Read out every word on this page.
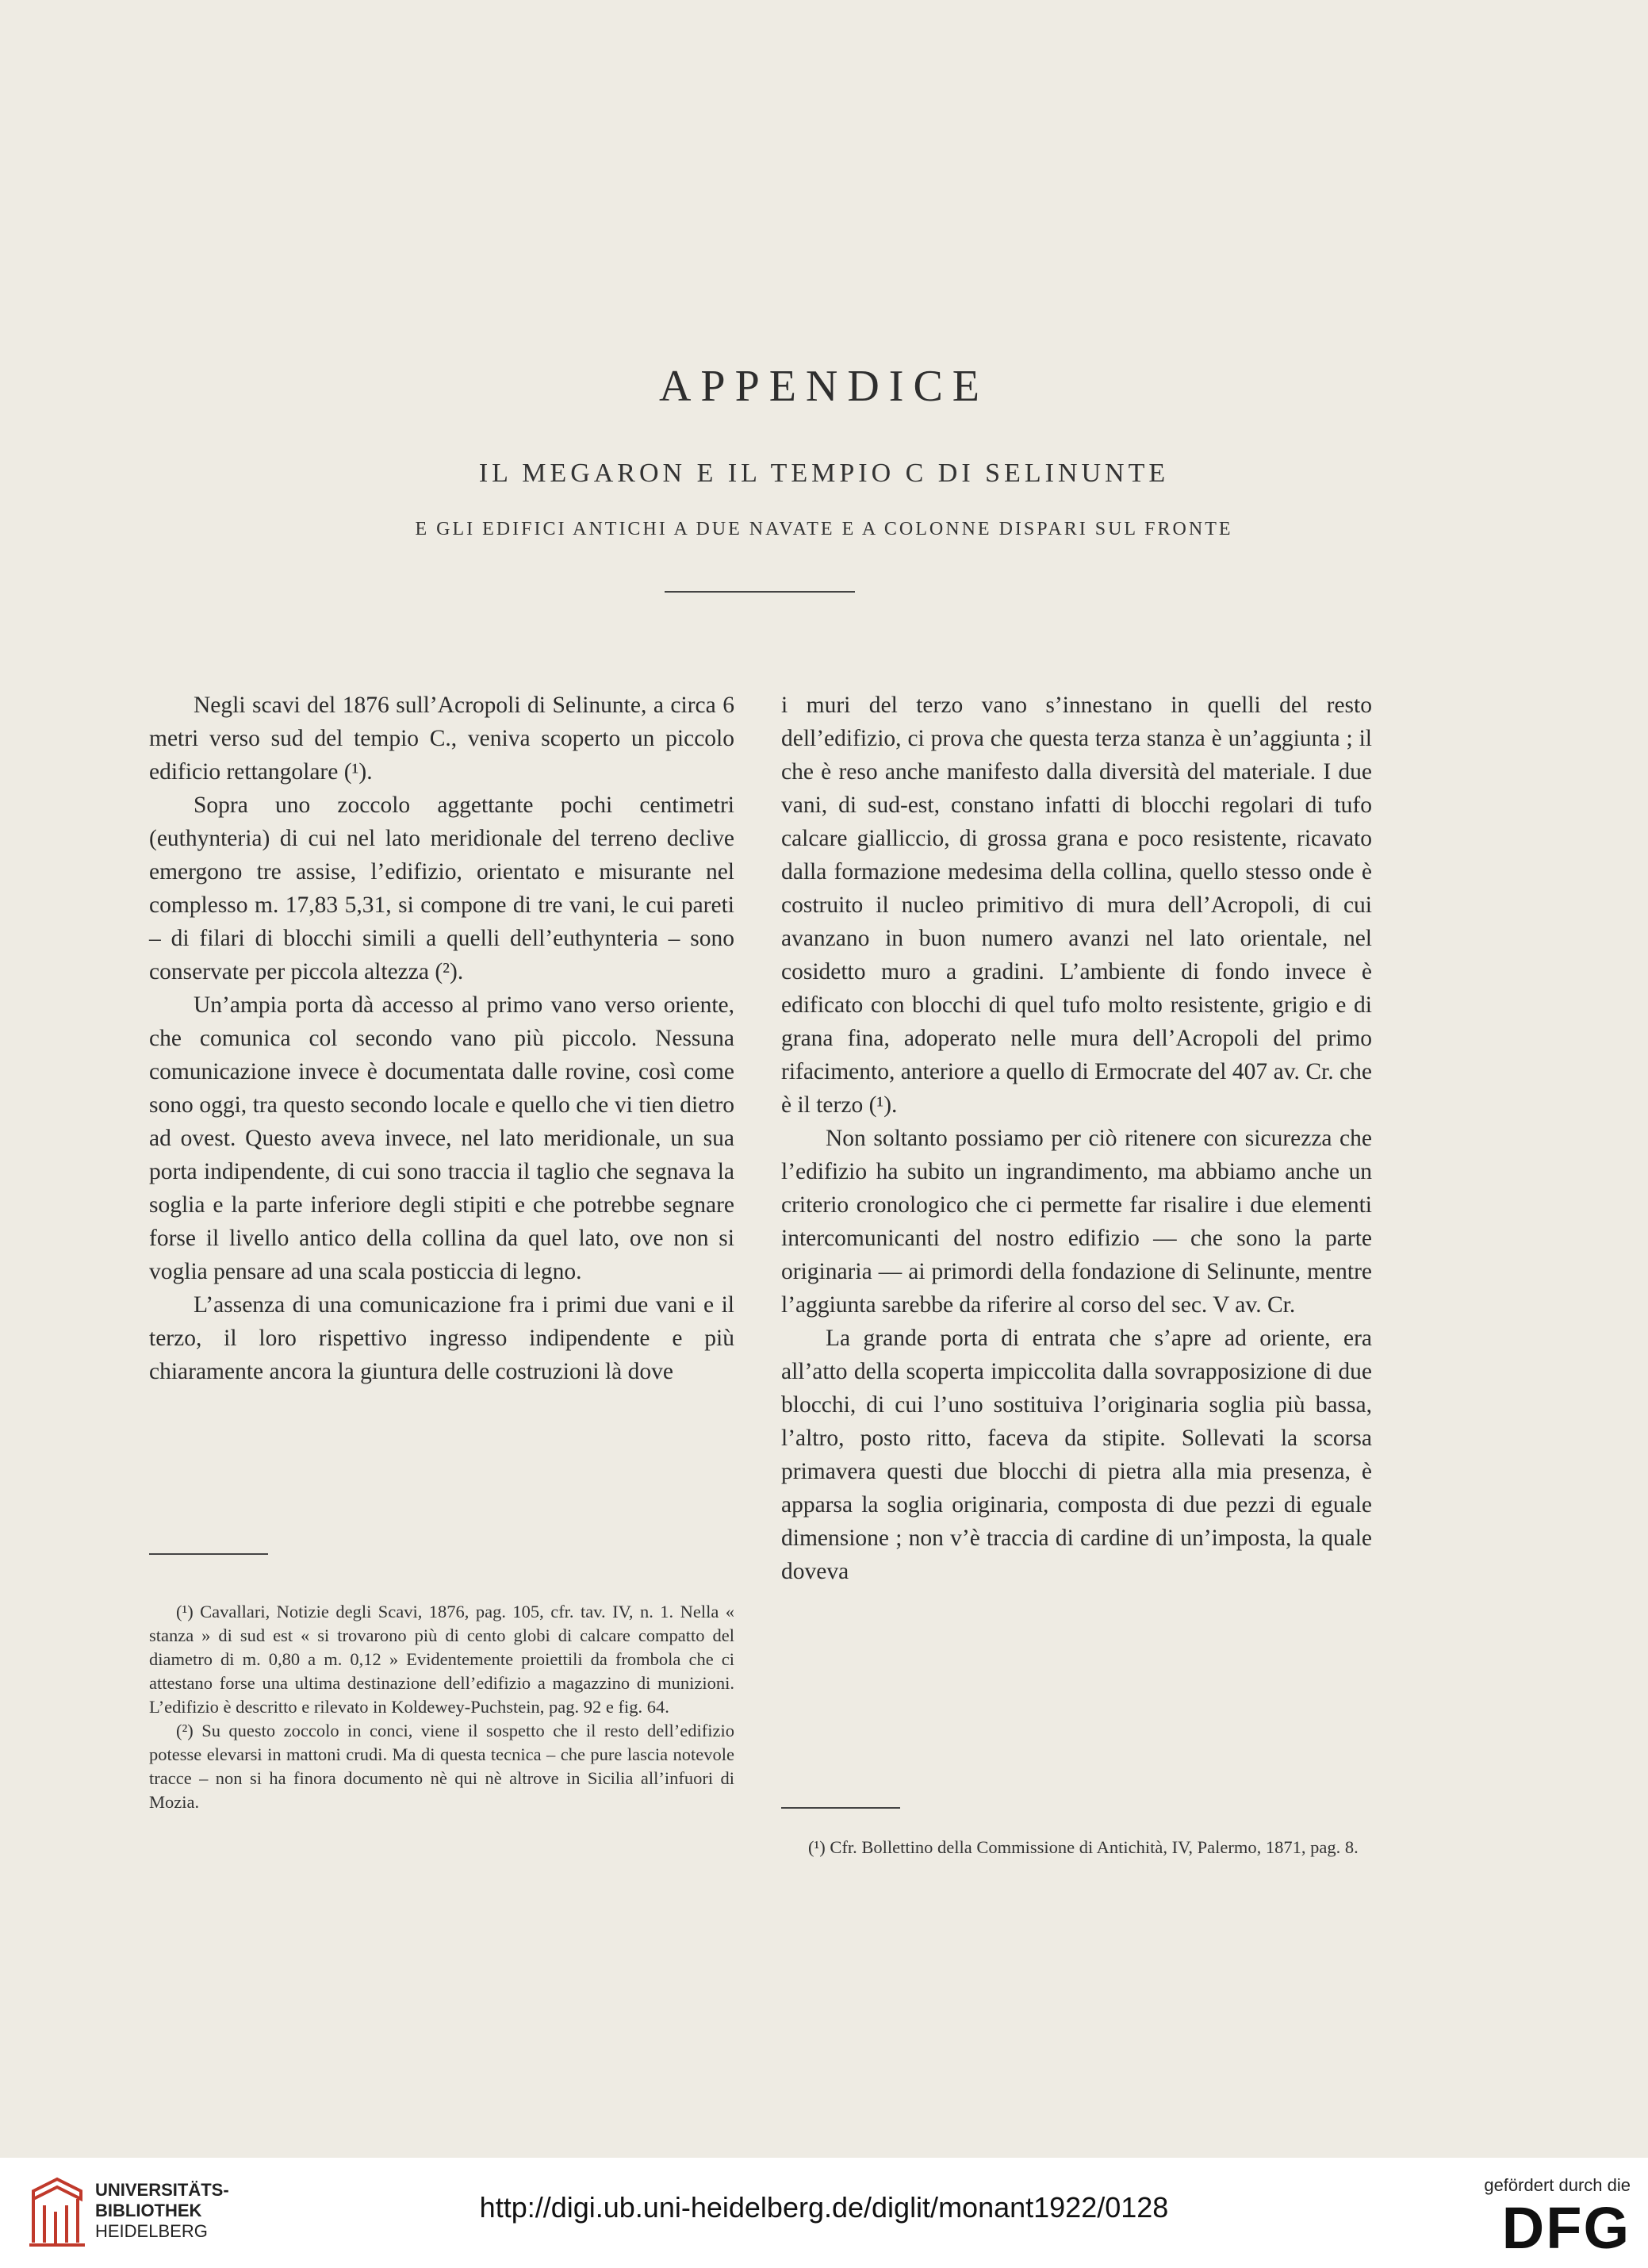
APPENDICE
IL MEGARON E IL TEMPIO C DI SELINUNTE
E GLI EDIFICI ANTICHI A DUE NAVATE E A COLONNE DISPARI SUL FRONTE

Negli scavi del 1876 sull’Acropoli di Selinunte, a circa 6 metri verso sud del tempio C., veniva scoperto un piccolo edificio rettangolare (¹).

Sopra uno zoccolo aggettante pochi centimetri (euthynteria) di cui nel lato meridionale del terreno declive emergono tre assise, l’edifizio, orientato e misurante nel complesso m. 17,83 5,31, si compone di tre vani, le cui pareti – di filari di blocchi simili a quelli dell’euthynteria – sono conservate per piccola altezza (²).

Un’ampia porta dà accesso al primo vano verso oriente, che comunica col secondo vano più piccolo. Nessuna comunicazione invece è documentata dalle rovine, così come sono oggi, tra questo secondo locale e quello che vi tien dietro ad ovest. Questo aveva invece, nel lato meridionale, un sua porta indipendente, di cui sono traccia il taglio che segnava la soglia e la parte inferiore degli stipiti e che potrebbe segnare forse il livello antico della collina da quel lato, ove non si voglia pensare ad una scala posticcia di legno.

L’assenza di una comunicazione fra i primi due vani e il terzo, il loro rispettivo ingresso indipendente e più chiaramente ancora la giuntura delle costruzioni là dove

i muri del terzo vano s’innestano in quelli del resto dell’edifizio, ci prova che questa terza stanza è un’aggiunta ; il che è reso anche manifesto dalla diversità del materiale. I due vani, di sud-est, constano infatti di blocchi regolari di tufo calcare gialliccio, di grossa grana e poco resistente, ricavato dalla formazione medesima della collina, quello stesso onde è costruito il nucleo primitivo di mura dell’Acropoli, di cui avanzano in buon numero avanzi nel lato orientale, nel cosidetto muro a gradini. L’ambiente di fondo invece è edificato con blocchi di quel tufo molto resistente, grigio e di grana fina, adoperato nelle mura dell’Acropoli del primo rifacimento, anteriore a quello di Ermocrate del 407 av. Cr. che è il terzo (¹).

Non soltanto possiamo per ciò ritenere con sicurezza che l’edifizio ha subito un ingrandimento, ma abbiamo anche un criterio cronologico che ci permette far risalire i due elementi intercomunicanti del nostro edifizio — che sono la parte originaria — ai primordi della fondazione di Selinunte, mentre l’aggiunta sarebbe da riferire al corso del sec. V av. Cr.

La grande porta di entrata che s’apre ad oriente, era all’atto della scoperta impiccolita dalla sovrapposizione di due blocchi, di cui l’uno sostituiva l’originaria soglia più bassa, l’altro, posto ritto, faceva da stipite. Sollevati la scorsa primavera questi due blocchi di pietra alla mia presenza, è apparsa la soglia originaria, composta di due pezzi di eguale dimensione ; non v’è traccia di cardine di un’imposta, la quale doveva

(¹) Cavallari, Notizie degli Scavi, 1876, pag. 105, cfr. tav. IV, n. 1. Nella « stanza » di sud est « si trovarono più di cento globi di calcare compatto del diametro di m. 0,80 a m. 0,12 » Evidentemente proiettili da frombola che ci attestano forse una ultima destinazione dell’edifizio a magazzino di munizioni. L’edifizio è descritto e rilevato in Koldewey-Puchstein, pag. 92 e fig. 64.

(²) Su questo zoccolo in conci, viene il sospetto che il resto dell’edifizio potesse elevarsi in mattoni crudi. Ma di questa tecnica – che pure lascia notevole tracce – non si ha finora documento nè qui nè altrove in Sicilia all’infuori di Mozia.

(¹) Cfr. Bollettino della Commissione di Antichità, IV, Palermo, 1871, pag. 8.

UNIVERSITÄTS-
BIBLIOTHEK
HEIDELBERG
http://digi.ub.uni-heidelberg.de/diglit/monant1922/0128
gefördert durch die
DFG
